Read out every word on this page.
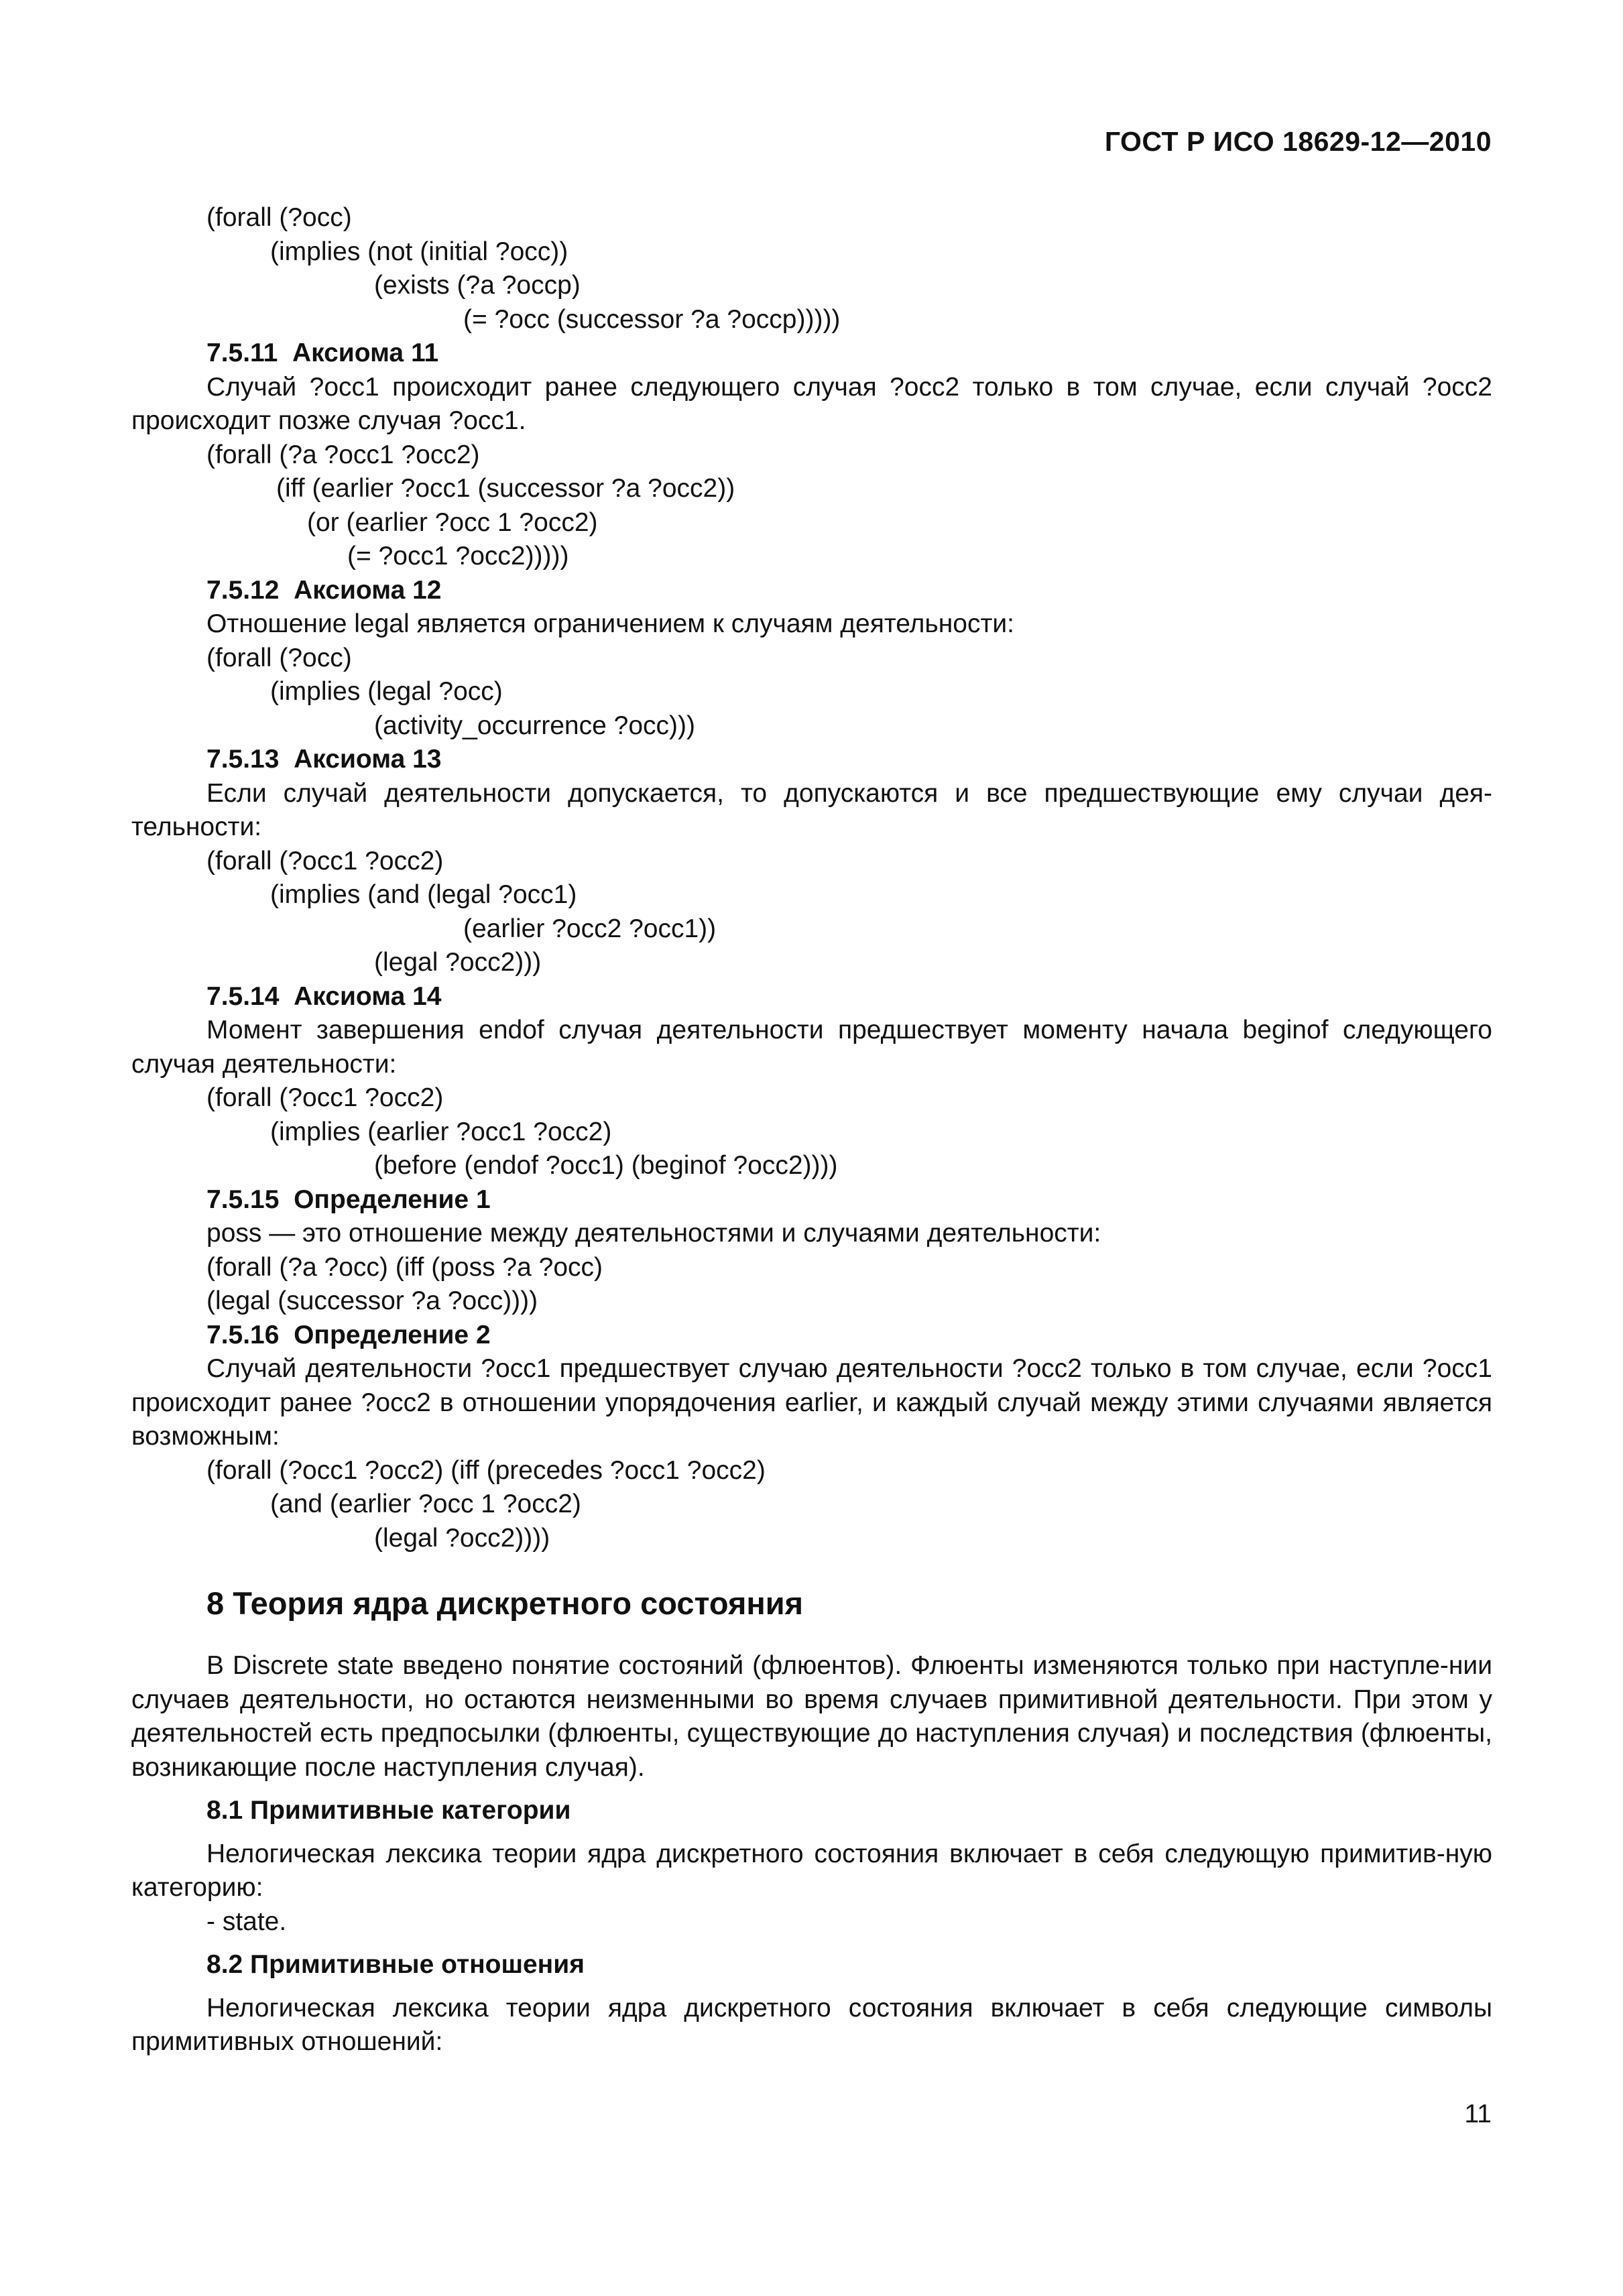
ГОСТ Р ИСО 18629-12—2010
(forall (?occ)
(implies (not (initial ?occ))
(exists (?a ?occp)
(= ?occ (successor ?a ?occp)))))
7.5.11  Аксиома 11
Случай ?occ1 происходит ранее следующего случая ?occ2 только в том случае, если случай ?occ2 происходит позже случая ?occ1.
(forall (?a ?occ1 ?occ2)
(iff (earlier ?occ1 (successor ?a ?occ2))
(or (earlier ?occ 1 ?occ2)
(= ?occ1 ?occ2)))))
7.5.12  Аксиома 12
Отношение legal является ограничением к случаям деятельности:
(forall (?occ)
(implies (legal ?occ)
(activity_occurrence ?occ)))
7.5.13  Аксиома 13
Если случай деятельности допускается, то допускаются и все предшествующие ему случаи дея-тельности:
(forall (?occ1 ?occ2)
(implies (and (legal ?occ1)
(earlier ?occ2 ?occ1))
(legal ?occ2)))
7.5.14  Аксиома 14
Момент завершения endof случая деятельности предшествует моменту начала beginof следующего случая деятельности:
(forall (?occ1 ?occ2)
(implies (earlier ?occ1 ?occ2)
(before (endof ?occ1) (beginof ?occ2))))
7.5.15  Определение 1
poss — это отношение между деятельностями и случаями деятельности:
(forall (?a ?occ) (iff (poss ?a ?occ)
(legal (successor ?a ?occ))))
7.5.16  Определение 2
Случай деятельности ?occ1 предшествует случаю деятельности ?occ2 только в том случае, если ?occ1 происходит ранее ?occ2 в отношении упорядочения earlier, и каждый случай между этими случаями является возможным:
(forall (?occ1 ?occ2) (iff (precedes ?occ1 ?occ2)
(and (earlier ?occ 1 ?occ2)
(legal ?occ2))))
8 Теория ядра дискретного состояния
В Discrete state введено понятие состояний (флюентов). Флюенты изменяются только при наступле-нии случаев деятельности, но остаются неизменными во время случаев примитивной деятельности. При этом у деятельностей есть предпосылки (флюенты, существующие до наступления случая) и последствия (флюенты, возникающие после наступления случая).
8.1 Примитивные категории
Нелогическая лексика теории ядра дискретного состояния включает в себя следующую примитив-ную категорию:
- state.
8.2 Примитивные отношения
Нелогическая лексика теории ядра дискретного состояния включает в себя следующие символы примитивных отношений:
11
